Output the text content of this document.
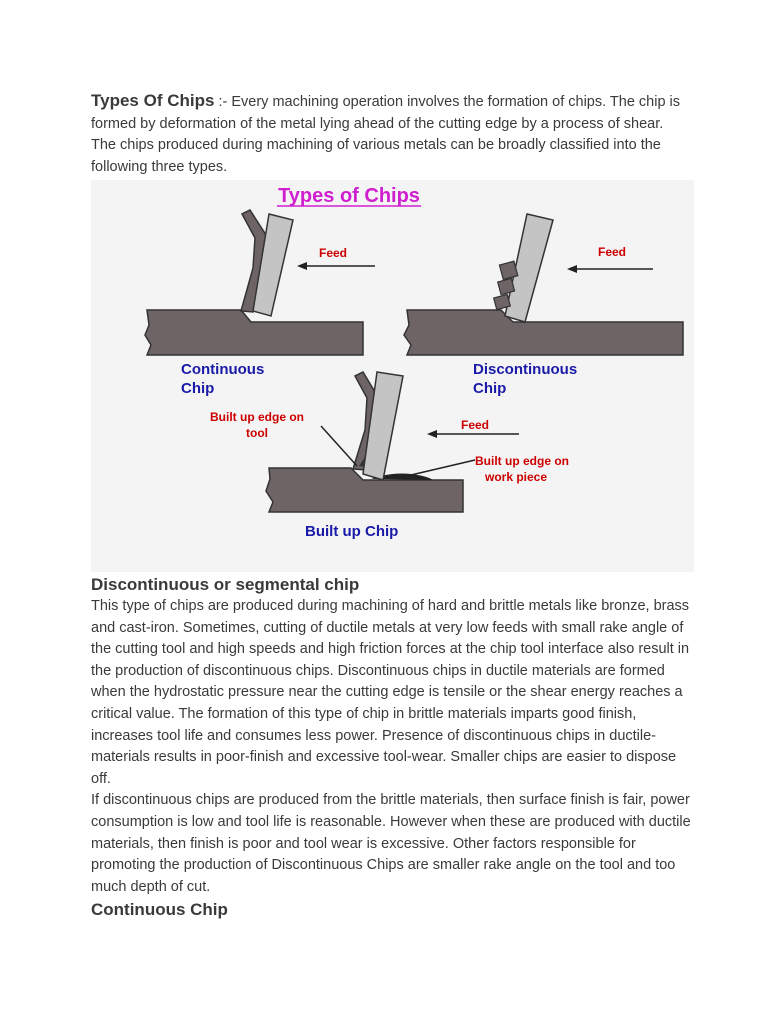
Types Of Chips :- Every machining operation involves the formation of chips. The chip is formed by deformation of the metal lying ahead of the cutting edge by a process of shear. The chips produced during machining of various metals can be broadly classified into the following three types.

Types of Chips
Feed
Continuous
Chip
Feed
Discontinuous
Chip
Feed
Built up edge on
tool
Built up edge on
work piece
Built up Chip
Discontinuous or segmental chip

This type of chips are produced during machining of hard and brittle metals like bronze, brass and cast-iron. Sometimes, cutting of ductile metals at very low feeds with small rake angle of the cutting tool and high speeds and high friction forces at the chip tool interface also result in the production of discontinuous chips. Discontinuous chips in ductile materials are formed when the hydrostatic pressure near the cutting edge is tensile or the shear energy reaches a critical value. The formation of this type of chip in brittle materials imparts good finish, increases tool life and consumes less power. Presence of discontinuous chips in ductile-materials results in poor-finish and excessive tool-wear. Smaller chips are easier to dispose off.

If discontinuous chips are produced from the brittle materials, then surface finish is fair, power consumption is low and tool life is reasonable. However when these are produced with ductile materials, then finish is poor and tool wear is excessive. Other factors responsible for promoting the production of Discontinuous Chips are smaller rake angle on the tool and too much depth of cut.

Continuous Chip
